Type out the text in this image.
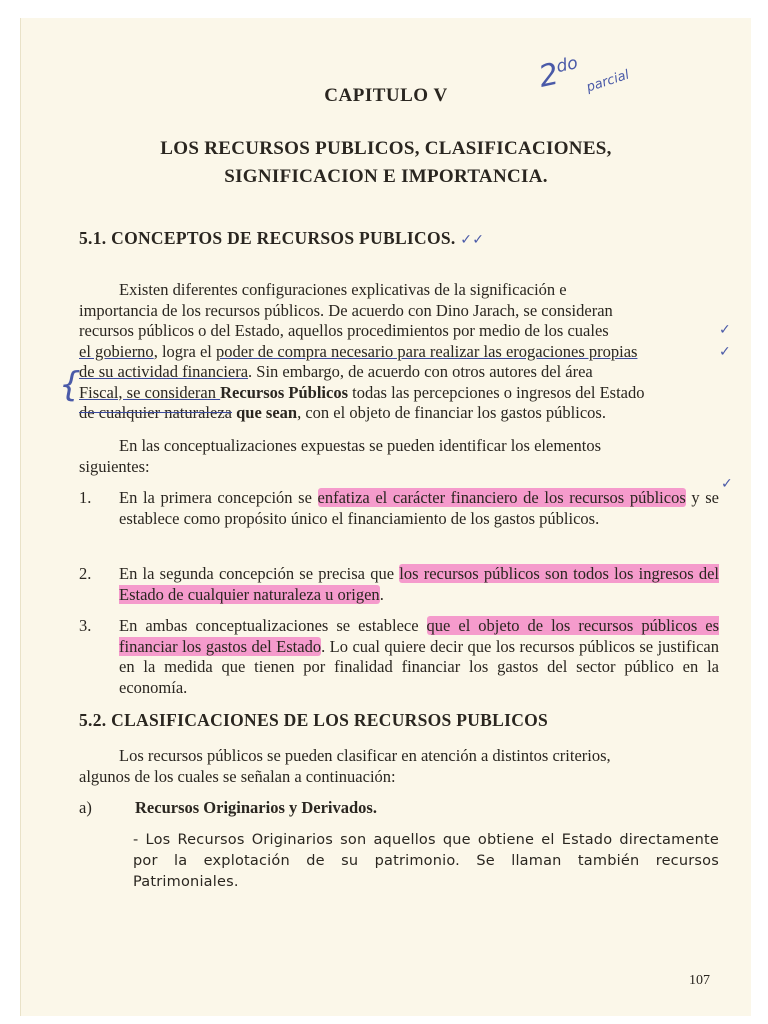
$2^{do}$
parcial
CAPITULO V
LOS RECURSOS PUBLICOS, CLASIFICACIONES,
SIGNIFICACION E IMPORTANCIA.
5.1. CONCEPTOS DE RECURSOS PUBLICOS. ✓✓

Existen diferentes configuraciones explicativas de la significación e

importancia de los recursos públicos. De acuerdo con Dino Jarach, se consideran

recursos públicos o del Estado, aquellos procedimientos por medio de los cuales

el gobierno, logra el poder de compra necesario para realizar las erogaciones propias

de su actividad financiera. Sin embargo, de acuerdo con otros autores del área

Fiscal, se consideran Recursos Públicos todas las percepciones o ingresos del Estado

de cualquier naturaleza que sean, con el objeto de financiar los gastos públicos.

✓
✓
{

En las conceptualizaciones expuestas se pueden identificar los elementos

siguientes:

1. En la primera concepción se enfatiza el carácter financiero de los recursos públicos y se establece como propósito único el financiamiento de los gastos públicos.
✓
2. En la segunda concepción se precisa que los recursos públicos son todos los ingresos del Estado de cualquier naturaleza u origen.
3. En ambas conceptualizaciones se establece que el objeto de los recursos públicos es financiar los gastos del Estado. Lo cual quiere decir que los recursos públicos se justifican en la medida que tienen por finalidad financiar los gastos del sector público en la economía.
5.2. CLASIFICACIONES DE LOS RECURSOS PUBLICOS

Los recursos públicos se pueden clasificar en atención a distintos criterios,

algunos de los cuales se señalan a continuación:

a)	Recursos Originarios y Derivados.
- Los Recursos Originarios son aquellos que obtiene el Estado directamente por la explotación de su patrimonio. Se llaman también recursos Patrimoniales.
107
